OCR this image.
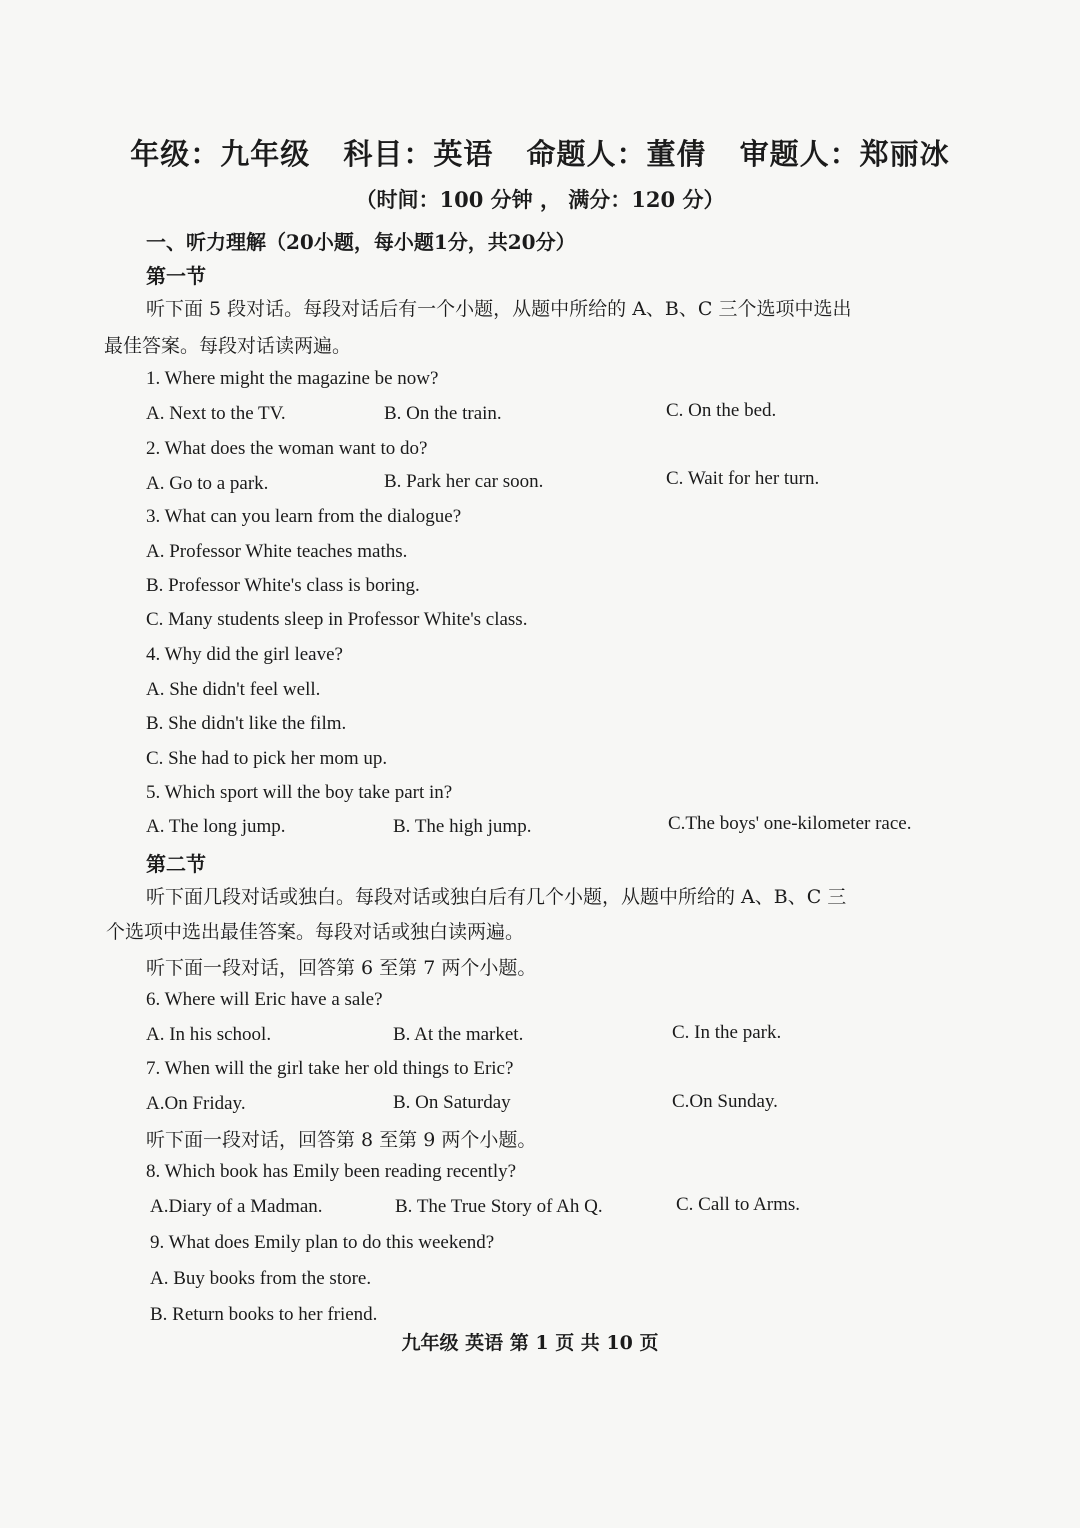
年级：九年级 科目：英语 命题人：董倩 审题人：郑丽冰
（时间：100 分钟 ， 满分：120 分）
一、听力理解（20小题，每小题1分，共20分）
第一节
听下面 5 段对话。每段对话后有一个小题，从题中所给的 A、B、C 三个选项中选出
最佳答案。每段对话读两遍。
1. Where might the magazine be now?
A. Next to the TV.	B. On the train.	C. On the bed.
2. What does the woman want to do?
A. Go to a park.	B. Park her car soon.	C. Wait for her turn.
3. What can you learn from the dialogue?
A. Professor White teaches maths.
B. Professor White's class is boring.
C. Many students sleep in Professor White's class.
4. Why did the girl leave?
A. She didn't feel well.
B. She didn't like the film.
C. She had to pick her mom up.
5. Which sport will the boy take part in?
A. The long jump.	B. The high jump.	C.The boys' one-kilometer race.
第二节
听下面几段对话或独白。每段对话或独白后有几个小题，从题中所给的 A、B、C 三
个选项中选出最佳答案。每段对话或独白读两遍。
听下面一段对话，回答第 6 至第 7 两个小题。
6. Where will Eric have a sale?
A. In his school.	B. At the market.	C. In the park.
7. When will the girl take her old things to Eric?
A.On Friday.	B. On Saturday	C.On Sunday.
听下面一段对话，回答第 8 至第 9 两个小题。
8. Which book has Emily been reading recently?
A.Diary of a Madman.	B. The True Story of Ah Q.	C. Call to Arms.
9. What does Emily plan to do this weekend?
A. Buy books from the store.
B. Return books to her friend.
九年级 英语 第 1 页 共 10 页
